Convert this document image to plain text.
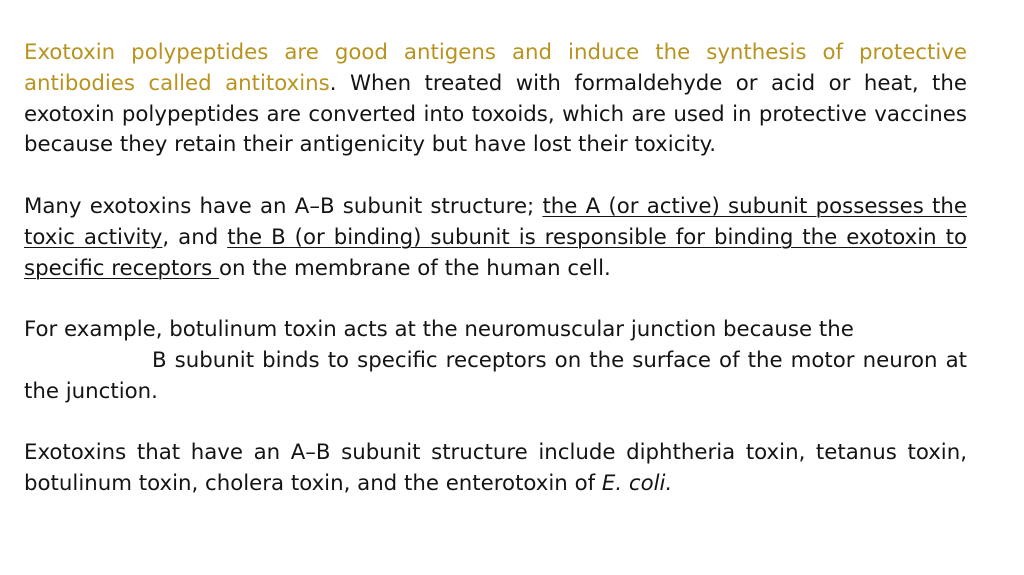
Exotoxin polypeptides are good antigens and induce the synthesis of protective antibodies called antitoxins. When treated with formaldehyde or acid or heat, the exotoxin polypeptides are converted into toxoids, which are used in protective vaccines because they retain their antigenicity but have lost their toxicity.

Many exotoxins have an A–B subunit structure; the A (or active) subunit possesses the toxic activity, and the B (or binding) subunit is responsible for binding the exotoxin to specific receptors on the membrane of the human cell.

For example, botulinum toxin acts at the neuromuscular junction because the
B subunit binds to specific receptors on the surface of the motor neuron at the junction.

Exotoxins that have an A–B subunit structure include diphtheria toxin, tetanus toxin, botulinum toxin, cholera toxin, and the enterotoxin of E. coli.
